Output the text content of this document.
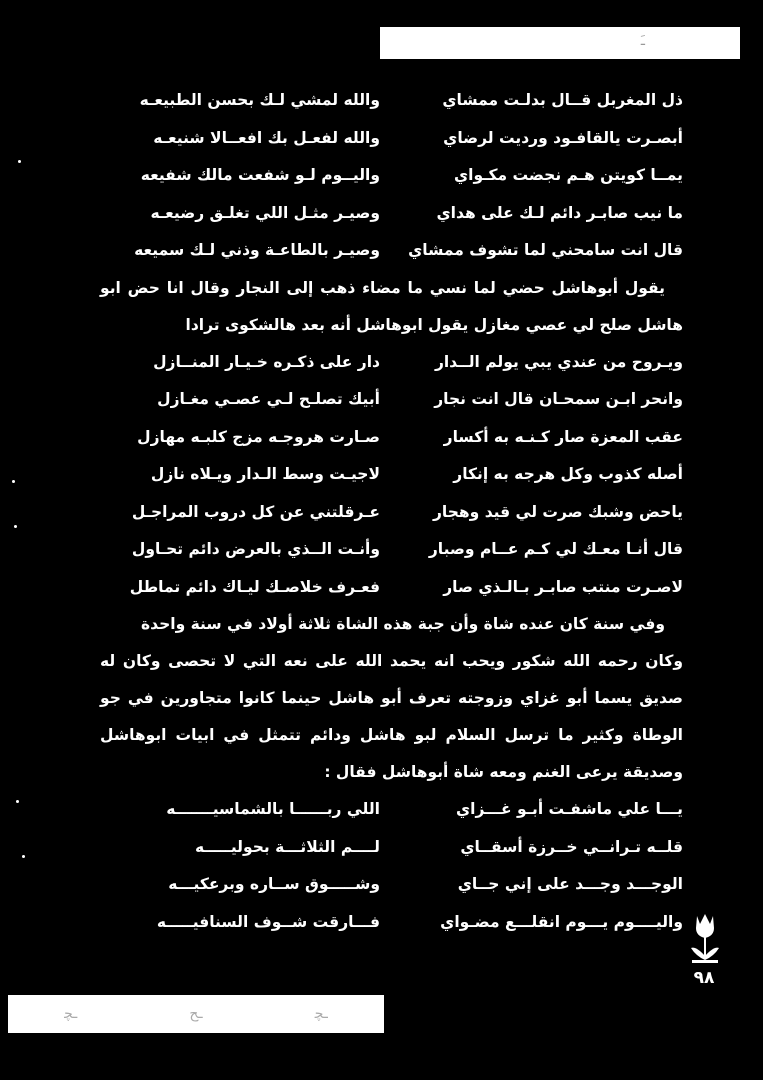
ـَ
ذل المغربل قــال بدلـت ممشاي
والله لمشي لـك بحسن الطبيعـه
أبصـرت يالقافـود ورديت لرضاي
والله لفعـل بك افعــالا شنيعـه
يمــا كويتن هـم نجضت مكـواي
واليــوم لـو شفعت مالك شفيعه
ما نيب صابـر دائم لـك على هداي
وصيـر مثـل اللي تغلـق رضيعـه
قال انت سامحني لما تشوف ممشاي
وصيـر بالطاعـة وذني لـك سميعه

يقول أبوهاشل حضي لما نسي ما مضاء ذهب إلى النجار وقال انا حض ابو هاشل صلح لي عصي مغازل يقول ابوهاشل أنه بعد هالشكوى ترادا

ويـروح من عندي يبي يولم الــدار
دار على ذكـره خـيـار المنــازل
وانحر ابـن سمحـان قال انت نجار
أبيك تصلـح لـي عصـي مغـازل
عقب المعزة صار كـنـه به أكسار
صـارت هروجـه مزج كلبـه مهازل
أصله كذوب وكل هرجه به إنكار
لاجيـت وسط الـدار ويـلاه نازل
ياحض وشبك صرت لي قيد وهجار
عـرقلتني عن كل دروب المراجـل
قال أنـا معـك لي كـم عــام وصبار
وأنـت الــذي بالعرض دائم تحـاول
لاصـرت منتب صابـر بـالـذي صار
فعـرف خلاصـك ليـاك دائم تماطل

وفي سنة كان عنده شاة وأن جبة هذه الشاة ثلاثة أولاد في سنة واحدة

وكان رحمه الله شكور ويحب انه يحمد الله على نعه التي لا تحصى وكان له صديق يسما أبو غزاي وزوجته تعرف أبو هاشل حينما كانوا متجاورين في جو الوطاة وكثير ما ترسل السلام لبو هاشل ودائم تتمثل في ابيات ابوهاشل وصديقة يرعى الغنم ومعه شاة أبوهاشل فقال :

يـــا علي ماشفـت أبـو غـــزاي
اللي ربــــــا بالشماسيـــــــه
قلــه تـرانــي خــرزة أسقــاي
لــــم الثلاثـــة بحوليـــــه
الوجـــد وجـــد على إني جــاي
وشـــــوق ســاره وبرعكيـــه
واليــــوم يـــوم انقلـــع مضـواي
فـــارقت شــوف السنافيـــــه
٩٨
ـﭽ	ـﺢ	ـﭽ
